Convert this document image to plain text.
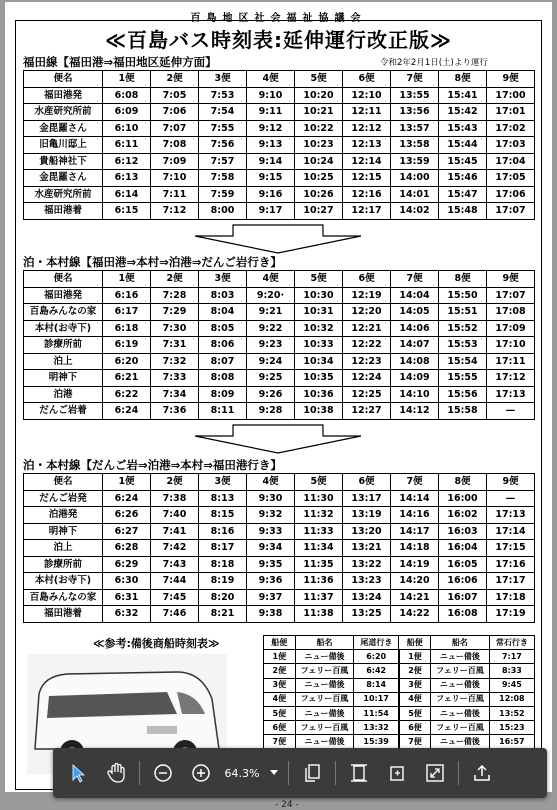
百島地区社会福祉協議会
≪百島バス時刻表:延伸運行改正版≫
福田線【福田港⇒福田地区延伸方面】	令和2年2月1日(土)より運行
便名	1便	2便	3便	4便	5便	6便	7便	8便	9便
福田港発	6:08	7:05	7:53	9:10	10:20	12:10	13:55	15:41	17:00
水産研究所前	6:09	7:06	7:54	9:11	10:21	12:11	13:56	15:42	17:01
金毘羅さん	6:10	7:07	7:55	9:12	10:22	12:12	13:57	15:43	17:02
旧亀川邸上	6:11	7:08	7:56	9:13	10:23	12:13	13:58	15:44	17:03
貴船神社下	6:12	7:09	7:57	9:14	10:24	12:14	13:59	15:45	17:04
金毘羅さん	6:13	7:10	7:58	9:15	10:25	12:15	14:00	15:46	17:05
水産研究所前	6:14	7:11	7:59	9:16	10:26	12:16	14:01	15:47	17:06
福田港着	6:15	7:12	8:00	9:17	10:27	12:17	14:02	15:48	17:07
泊・本村線【福田港⇒本村⇒泊港⇒だんご岩行き】
便名	1便	2便	3便	4便	5便	6便	7便	8便	9便
福田港発	6:16	7:28	8:03	9:20·	10:30	12:19	14:04	15:50	17:07
百島みんなの家	6:17	7:29	8:04	9:21	10:31	12:20	14:05	15:51	17:08
本村(お寺下)	6:18	7:30	8:05	9:22	10:32	12:21	14:06	15:52	17:09
診療所前	6:19	7:31	8:06	9:23	10:33	12:22	14:07	15:53	17:10
泊上	6:20	7:32	8:07	9:24	10:34	12:23	14:08	15:54	17:11
明神下	6:21	7:33	8:08	9:25	10:35	12:24	14:09	15:55	17:12
泊港	6:22	7:34	8:09	9:26	10:36	12:25	14:10	15:56	17:13
だんご岩着	6:24	7:36	8:11	9:28	10:38	12:27	14:12	15:58	—
泊・本村線【だんご岩⇒泊港⇒本村⇒福田港行き】
便名	1便	2便	3便	4便	5便	6便	7便	8便	9便
だんご岩発	6:24	7:38	8:13	9:30	11:30	13:17	14:14	16:00	—
泊港発	6:26	7:40	8:15	9:32	11:32	13:19	14:16	16:02	17:13
明神下	6:27	7:41	8:16	9:33	11:33	13:20	14:17	16:03	17:14
泊上	6:28	7:42	8:17	9:34	11:34	13:21	14:18	16:04	17:15
診療所前	6:29	7:43	8:18	9:35	11:35	13:22	14:19	16:05	17:16
本村(お寺下)	6:30	7:44	8:19	9:36	11:36	13:23	14:20	16:06	17:17
百島みんなの家	6:31	7:45	8:20	9:37	11:37	13:24	14:21	16:07	17:18
福田港着	6:32	7:46	8:21	9:38	11:38	13:25	14:22	16:08	17:19
≪参考:備後商船時刻表≫	船便	船名	尾道行き	船便	船名	常石行き
1便	ニュー備後	6:20	1便	ニュー備後	7:17
2便	フェリー百風	6:42	2便	フェリー百風	8:33
3便	ニュー備後	8:14	3便	ニュー備後	9:45
4便	フェリー百風	10:17	4便	フェリー百風	12:08
5便	ニュー備後	11:54	5便	ニュー備後	13:52
6便	フェリー百風	13:32	6便	フェリー百風	15:23
7便	ニュー備後	15:39	7便	ニュー備後	16:57
- 24 -
64.3%
